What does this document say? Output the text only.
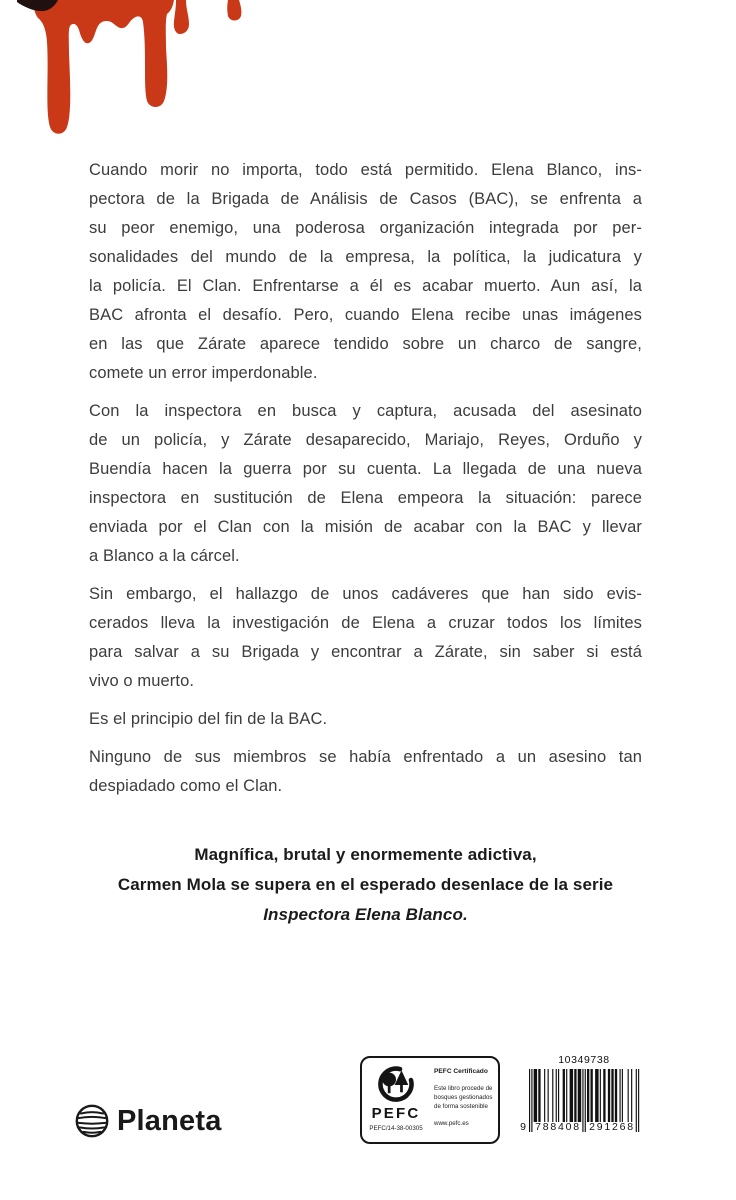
Cuando morir no importa, todo está permitido. Elena Blanco, ins-
pectora de la Brigada de Análisis de Casos (BAC), se enfrenta a
su peor enemigo, una poderosa organización integrada por per-
sonalidades del mundo de la empresa, la política, la judicatura y
la policía. El Clan. Enfrentarse a él es acabar muerto. Aun así, la
BAC afronta el desafío. Pero, cuando Elena recibe unas imágenes
en las que Zárate aparece tendido sobre un charco de sangre,
comete un error imperdonable.
Con la inspectora en busca y captura, acusada del asesinato
de un policía, y Zárate desaparecido, Mariajo, Reyes, Orduño y
Buendía hacen la guerra por su cuenta. La llegada de una nueva
inspectora en sustitución de Elena empeora la situación: parece
enviada por el Clan con la misión de acabar con la BAC y llevar
a Blanco a la cárcel.
Sin embargo, el hallazgo de unos cadáveres que han sido evis-
cerados lleva la investigación de Elena a cruzar todos los límites
para salvar a su Brigada y encontrar a Zárate, sin saber si está
vivo o muerto.
Es el principio del fin de la BAC.
Ninguno de sus miembros se había enfrentado a un asesino tan
despiadado como el Clan.
Magnífica, brutal y enormemente adictiva,
Carmen Mola se supera en el esperado desenlace de la serie
Inspectora Elena Blanco.
Planeta	PEFC
PEFC/14-38-00305
PEFC Certificado
Este libro procede de
bosques gestionados
de forma sostenible
www.pefc.es
10349738
9 788408 291268
